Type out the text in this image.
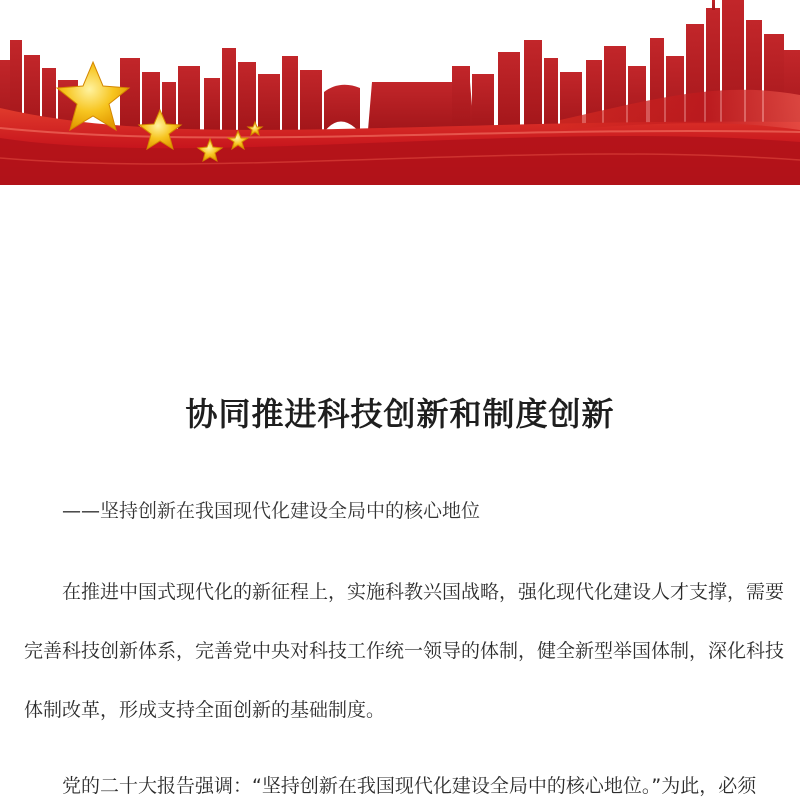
协同推进科技创新和制度创新

——坚持创新在我国现代化建设全局中的核心地位

在推进中国式现代化的新征程上，实施科教兴国战略，强化现代化建设人才支撑，需要
完善科技创新体系，完善党中央对科技工作统一领导的体制，健全新型举国体制，深化科技
体制改革，形成支持全面创新的基础制度。
党的二十大报告强调：“坚持创新在我国现代化建设全局中的核心地位。”为此，必须
